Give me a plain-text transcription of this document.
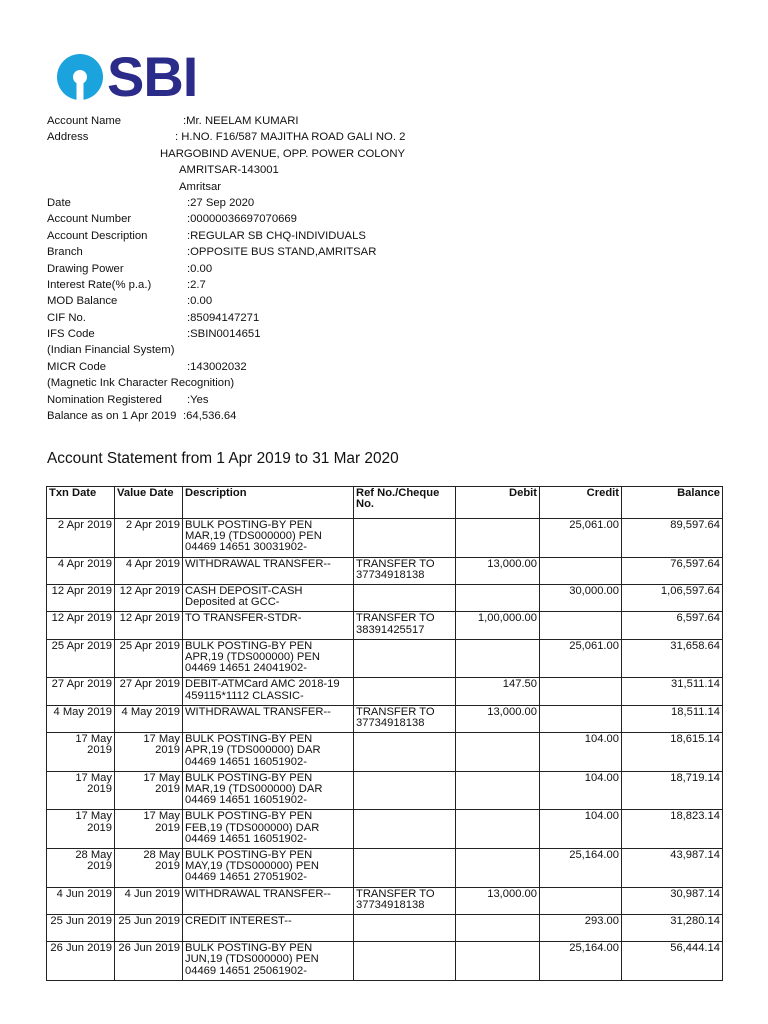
SBI
Account Name	:Mr. NEELAM KUMARI
Address	: H.NO. F16/587 MAJITHA ROAD GALI NO. 2
HARGOBIND AVENUE, OPP. POWER COLONY
AMRITSAR-143001
Amritsar
Date	:27 Sep 2020
Account Number	:00000036697070669
Account Description	:REGULAR SB CHQ-INDIVIDUALS
Branch	:OPPOSITE BUS STAND,AMRITSAR
Drawing Power	:0.00
Interest Rate(% p.a.)	:2.7
MOD Balance	:0.00
CIF No.	:85094147271
IFS Code	:SBIN0014651
(Indian Financial System)
MICR Code	:143002032
(Magnetic Ink Character Recognition)
Nomination Registered :Yes
Balance as on 1 Apr 2019 :64,536.64
Account Statement from 1 Apr 2019 to 31 Mar 2020
Txn Date	Value Date	Description	Ref No./Cheque No.	Debit	Credit	Balance
2 Apr 2019	2 Apr 2019	BULK POSTING-BY PEN MAR,19 (TDS000000) PEN 04469 14651 30031902-			25,061.00	89,597.64
4 Apr 2019	4 Apr 2019	WITHDRAWAL TRANSFER--	TRANSFER TO 37734918138	13,000.00		76,597.64
12 Apr 2019	12 Apr 2019	CASH DEPOSIT-CASH Deposited at GCC-			30,000.00	1,06,597.64
12 Apr 2019	12 Apr 2019	TO TRANSFER-STDR-	TRANSFER TO 38391425517	1,00,000.00		6,597.64
25 Apr 2019	25 Apr 2019	BULK POSTING-BY PEN APR,19 (TDS000000) PEN 04469 14651 24041902-			25,061.00	31,658.64
27 Apr 2019	27 Apr 2019	DEBIT-ATMCard AMC 2018-19 459115*1112 CLASSIC-		147.50		31,511.14
4 May 2019	4 May 2019	WITHDRAWAL TRANSFER--	TRANSFER TO 37734918138	13,000.00		18,511.14
17 May 2019	17 May 2019	BULK POSTING-BY PEN APR,19 (TDS000000) DAR 04469 14651 16051902-			104.00	18,615.14
17 May 2019	17 May 2019	BULK POSTING-BY PEN MAR,19 (TDS000000) DAR 04469 14651 16051902-			104.00	18,719.14
17 May 2019	17 May 2019	BULK POSTING-BY PEN FEB,19 (TDS000000) DAR 04469 14651 16051902-			104.00	18,823.14
28 May 2019	28 May 2019	BULK POSTING-BY PEN MAY,19 (TDS000000) PEN 04469 14651 27051902-			25,164.00	43,987.14
4 Jun 2019	4 Jun 2019	WITHDRAWAL TRANSFER--	TRANSFER TO 37734918138	13,000.00		30,987.14
25 Jun 2019	25 Jun 2019	CREDIT INTEREST--			293.00	31,280.14
26 Jun 2019	26 Jun 2019	BULK POSTING-BY PEN JUN,19 (TDS000000) PEN 04469 14651 25061902-			25,164.00	56,444.14
